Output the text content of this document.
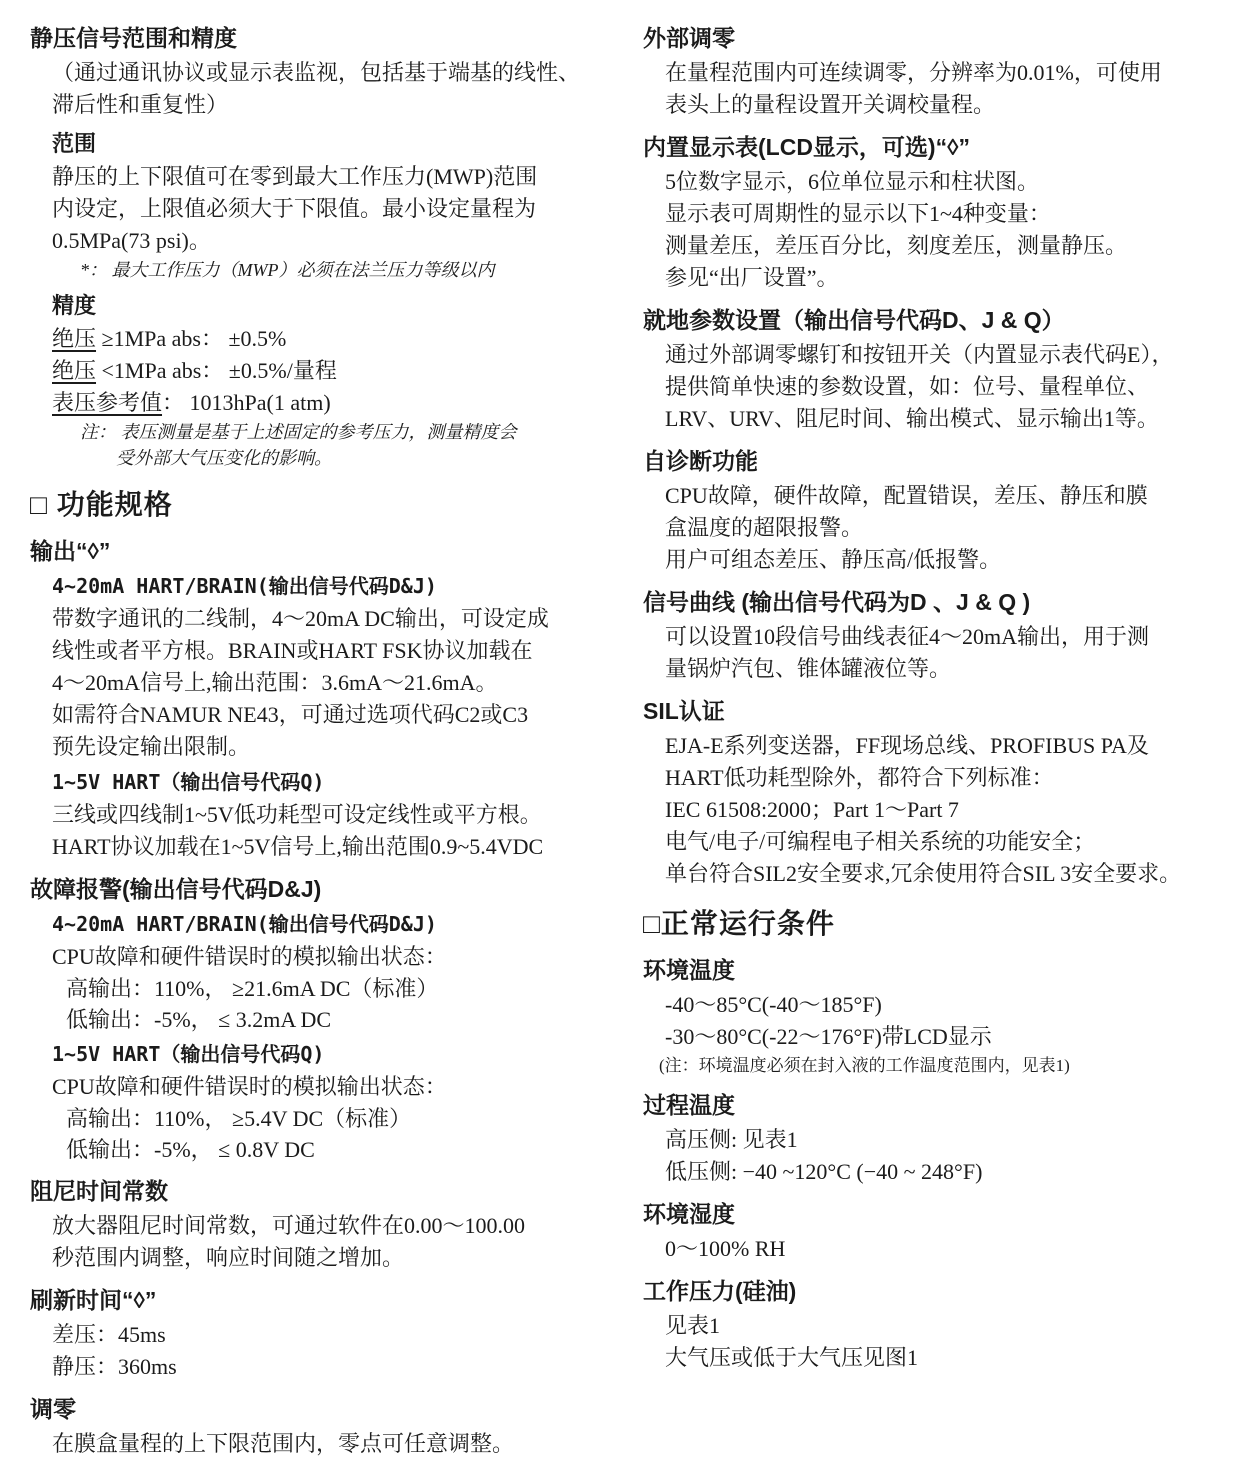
静压信号范围和精度
（通过通讯协议或显示表监视，包括基于端基的线性、
滞后性和重复性）
范围
静压的上下限值可在零到最大工作压力(MWP)范围
内设定，上限值必须大于下限值。最小设定量程为
0.5MPa(73 psi)。
*： 最大工作压力（MWP）必须在法兰压力等级以内
精度
绝压 ≥1MPa abs： ±0.5%
绝压 <1MPa abs： ±0.5%/量程
表压参考值： 1013hPa(1 atm)
注： 表压测量是基于上述固定的参考压力，测量精度会
受外部大气压变化的影响。
□ 功能规格
输出“◊”
4~20mA HART/BRAIN(输出信号代码D&J)
带数字通讯的二线制，4～20mA DC输出，可设定成
线性或者平方根。BRAIN或HART FSK协议加载在
4～20mA信号上,输出范围：3.6mA～21.6mA。
如需符合NAMUR NE43，可通过选项代码C2或C3
预先设定输出限制。
1~5V HART（输出信号代码Q)
三线或四线制1~5V低功耗型可设定线性或平方根。
HART协议加载在1~5V信号上,输出范围0.9~5.4VDC
故障报警(输出信号代码D&J)
4~20mA HART/BRAIN(输出信号代码D&J)
CPU故障和硬件错误时的模拟输出状态：
高输出：110%， ≥21.6mA DC（标准）
低输出：-5%， ≤ 3.2mA DC
1~5V HART（输出信号代码Q)
CPU故障和硬件错误时的模拟输出状态：
高输出：110%， ≥5.4V DC（标准）
低输出：-5%， ≤ 0.8V DC
阻尼时间常数
放大器阻尼时间常数，可通过软件在0.00～100.00
秒范围内调整，响应时间随之增加。
刷新时间“◊”
差压：45ms
静压：360ms
调零
在膜盒量程的上下限范围内，零点可任意调整。
外部调零
在量程范围内可连续调零，分辨率为0.01%，可使用
表头上的量程设置开关调校量程。
内置显示表(LCD显示，可选)“◊”
5位数字显示，6位单位显示和柱状图。
显示表可周期性的显示以下1~4种变量：
测量差压，差压百分比，刻度差压，测量静压。
参见“出厂设置”。
就地参数设置（输出信号代码D、J & Q）
通过外部调零螺钉和按钮开关（内置显示表代码E），
提供简单快速的参数设置，如：位号、量程单位、
LRV、URV、阻尼时间、输出模式、显示输出1等。
自诊断功能
CPU故障，硬件故障，配置错误，差压、静压和膜
盒温度的超限报警。
用户可组态差压、静压高/低报警。
信号曲线 (输出信号代码为D 、J & Q )
可以设置10段信号曲线表征4～20mA输出，用于测
量锅炉汽包、锥体罐液位等。
SIL认证
EJA-E系列变送器，FF现场总线、PROFIBUS PA及
HART低功耗型除外，都符合下列标准：
IEC 61508:2000；Part 1～Part 7
电气/电子/可编程电子相关系统的功能安全；
单台符合SIL2安全要求,冗余使用符合SIL 3安全要求。
□正常运行条件
环境温度
-40～85°C(-40～185°F)
-30～80°C(-22～176°F)带LCD显示
(注：环境温度必须在封入液的工作温度范围内，见表1)
过程温度
高压侧: 见表1
低压侧: −40 ~120°C (−40 ~ 248°F)
环境湿度
0～100% RH
工作压力(硅油)
见表1
大气压或低于大气压见图1
